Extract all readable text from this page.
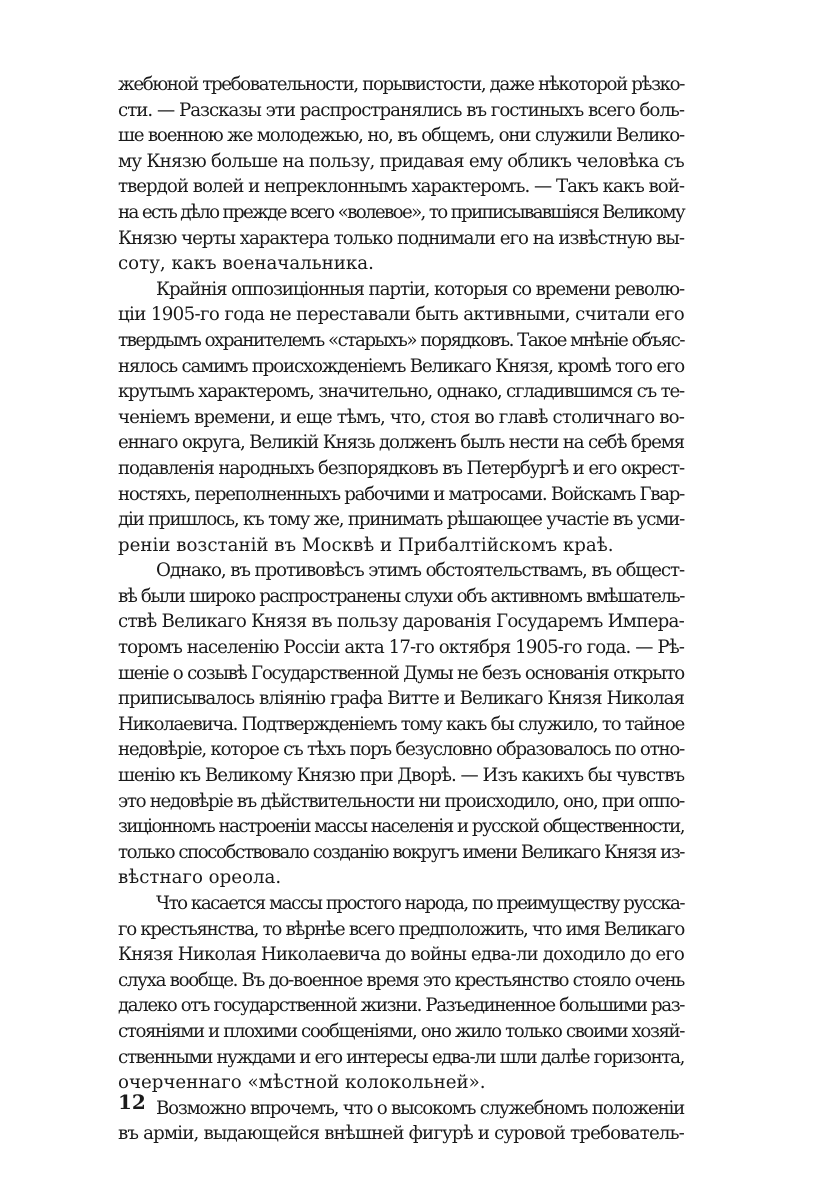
жебюной требовательности, порывистости, даже нѣкоторой рѣзко-
сти. — Разсказы эти распространялись въ гостиныхъ всего боль-
ше военною же молодежью, но, въ общемъ, они служили Велико-
му Князю больше на пользу, придавая ему обликъ человѣка съ
твердой волей и непреклоннымъ характеромъ. — Такъ какъ вой-
на есть дѣло прежде всего «волевое», то приписывавшіяся Великому
Князю черты характера только поднимали его на извѣстную вы-
соту, какъ военачальника.
Крайнія оппозиціонныя партіи, которыя со времени револю-
ціи 1905-го года не переставали быть активными, считали его
твердымъ охранителемъ «старыхъ» порядковъ. Такое мнѣніе объяс-
нялось самимъ происхожденіемъ Великаго Князя, кромѣ того его
крутымъ характеромъ, значительно, однако, сгладившимся съ те-
ченіемъ времени, и еще тѣмъ, что, стоя во главѣ столичнаго во-
еннаго округа, Великій Князь долженъ былъ нести на себѣ бремя
подавленія народныхъ безпорядковъ въ Петербургѣ и его окрест-
ностяхъ, переполненныхъ рабочими и матросами. Войскамъ Гвар-
діи пришлось, къ тому же, принимать рѣшающее участіе въ усми-
реніи возстаній въ Москвѣ и Прибалтійскомъ краѣ.
Однако, въ противовѣсъ этимъ обстоятельствамъ, въ общест-
вѣ были широко распространены слухи объ активномъ вмѣшатель-
ствѣ Великаго Князя въ пользу дарованія Государемъ Импера-
торомъ населенію Россіи акта 17-го октября 1905-го года. — Рѣ-
шеніе о созывѣ Государственной Думы не безъ основанія открыто
приписывалось вліянію графа Витте и Великаго Князя Николая
Николаевича. Подтвержденіемъ тому какъ бы служило, то тайное
недовѣріе, которое съ тѣхъ поръ безусловно образовалось по отно-
шенію къ Великому Князю при Дворѣ. — Изъ какихъ бы чувствъ
это недовѣріе въ дѣйствительности ни происходило, оно, при оппо-
зиціонномъ настроеніи массы населенія и русской общественности,
только способствовало созданію вокругъ имени Великаго Князя из-
вѣстнаго ореола.
Что касается массы простого народа, по преимуществу русска-
го крестьянства, то вѣрнѣе всего предположить, что имя Великаго
Князя Николая Николаевича до войны едва-ли доходило до его
слуха вообще. Въ до-военное время это крестьянство стояло очень
далеко отъ государственной жизни. Разъединенное большими раз-
стояніями и плохими сообщеніями, оно жило только своими хозяй-
ственными нуждами и его интересы едва-ли шли далѣе горизонта,
очерченнаго «мѣстной колокольней».
Возможно впрочемъ, что о высокомъ служебномъ положеніи
въ арміи, выдающейся внѣшней фигурѣ и суровой требователь-
12
